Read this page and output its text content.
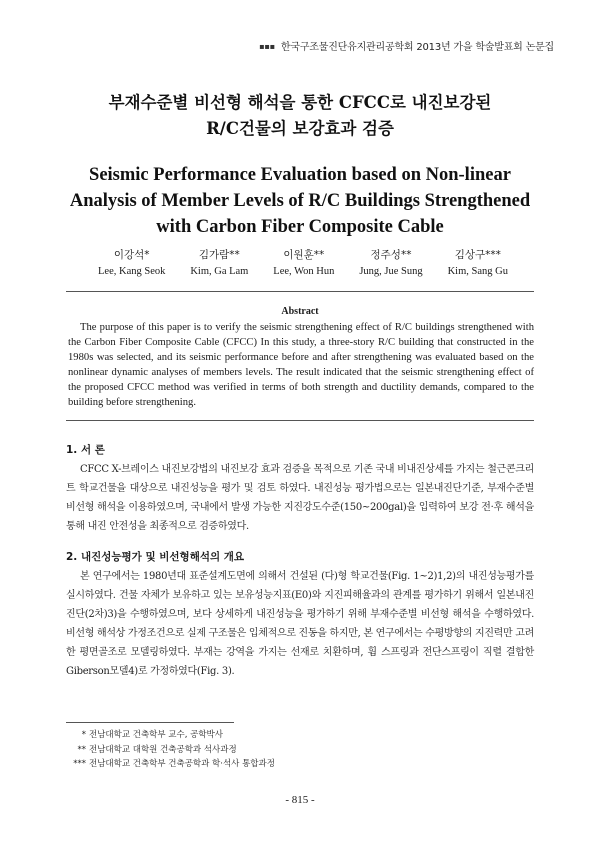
▪︎▪︎▪︎ 한국구조물진단유지관리공학회 2013년 가을 학술발표회 논문집
부재수준별 비선형 해석을 통한 CFCC로 내진보강된
R/C건물의 보강효과 검증
Seismic Performance Evaluation based on Non-linear
Analysis of Member Levels of R/C Buildings Strengthened
with Carbon Fiber Composite Cable
이강석*
Lee, Kang Seok
김가람**
Kim, Ga Lam
이원훈**
Lee, Won Hun
정주성**
Jung, Jue Sung
김상구***
Kim, Sang Gu
Abstract

The purpose of this paper is to verify the seismic strengthening effect of R/C buildings strengthened with the Carbon Fiber Composite Cable (CFCC) In this study, a three-story R/C building that constructed in the 1980s was selected, and its seismic performance before and after strengthening was evaluated based on the nonlinear dynamic analyses of members levels. The result indicated that the seismic strengthening effect of the proposed CFCC method was verified in terms of both strength and ductility demands, compared to the building before strengthening.

1. 서 론

CFCC X-브레이스 내진보강법의 내진보강 효과 검증을 목적으로 기존 국내 비내진상세를 가지는 철근콘크리트 학교건물을 대상으로 내진성능을 평가 및 검토 하였다. 내진성능 평가법으로는 일본내진단기준, 부재수준별 비선형 해석을 이용하였으며, 국내에서 발생 가능한 지진강도수준(150~200gal)을 입력하여 보강 전·후 해석을 통해 내진 안전성을 최종적으로 검증하였다.

2. 내진성능평가 및 비선형해석의 개요

본 연구에서는 1980년대 표준설계도면에 의해서 건설된 (다)형 학교건물(Fig. 1~2)1,2)의 내진성능평가를 실시하였다. 건물 자체가 보유하고 있는 보유성능지표(E0)와 지진피해율과의 관계를 평가하기 위해서 일본내진진단(2차)3)을 수행하였으며, 보다 상세하게 내진성능을 평가하기 위해 부재수준별 비선형 해석을 수행하였다. 비선형 해석상 가정조건으로 실제 구조물은 입체적으로 진동을 하지만, 본 연구에서는 수평방향의 지진력만 고려한 평면골조로 모델링하였다. 부재는 강역을 가지는 선재로 치환하며, 휨 스프링과 전단스프링이 직렬 결합한 Giberson모델4)로 가정하였다(Fig. 3).

* 전남대학교 건축학부 교수, 공학박사
** 전남대학교 대학원 건축공학과 석사과정
*** 전남대학교 건축학부 건축공학과 학·석사 통합과정
- 815 -
